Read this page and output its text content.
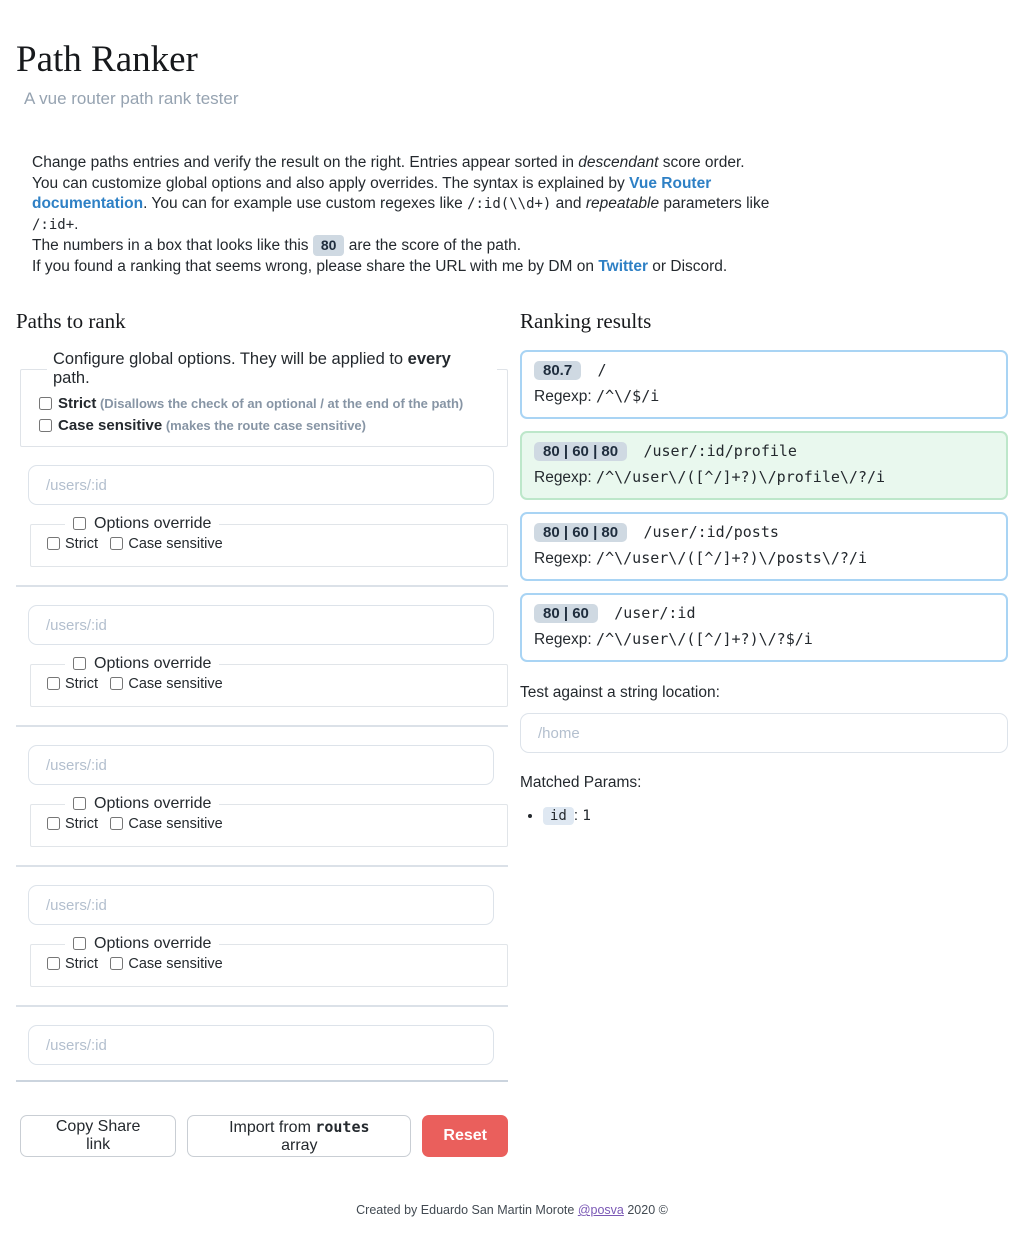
Path Ranker
A vue router path rank tester

Change paths entries and verify the result on the right. Entries appear sorted in descendant score order.

You can customize global options and also apply overrides. The syntax is explained by Vue Router documentation. You can for example use custom regexes like /:id(\\d+) and repeatable parameters like /:id+.

The numbers in a box that looks like this 80 are the score of the path.

If you found a ranking that seems wrong, please share the URL with me by DM on Twitter or Discord.

Paths to rank
Configure global options. They will be applied to every path.
Strict (Disallows the check of an optional / at the end of the path)
Case sensitive (makes the route case sensitive)
/users/:id
Options override
Strict Case sensitive
/users/:id
Options override
Strict Case sensitive
/users/:id
Options override
Strict Case sensitive
/users/:id
Options override
Strict Case sensitive
/users/:id
Copy Share link
Import from routes array
Reset
Ranking results
80.7 /
Regexp: /^\/$/i
80 | 60 | 80 /user/:id/profile
Regexp: /^\/user\/([^/]+?)\/profile\/?/i
80 | 60 | 80 /user/:id/posts
Regexp: /^\/user\/([^/]+?)\/posts\/?/i
80 | 60 /user/:id
Regexp: /^\/user\/([^/]+?)\/?$/i
Test against a string location:
/home
Matched Params:
• id : 1
Created by Eduardo San Martin Morote @posva 2020 ©
